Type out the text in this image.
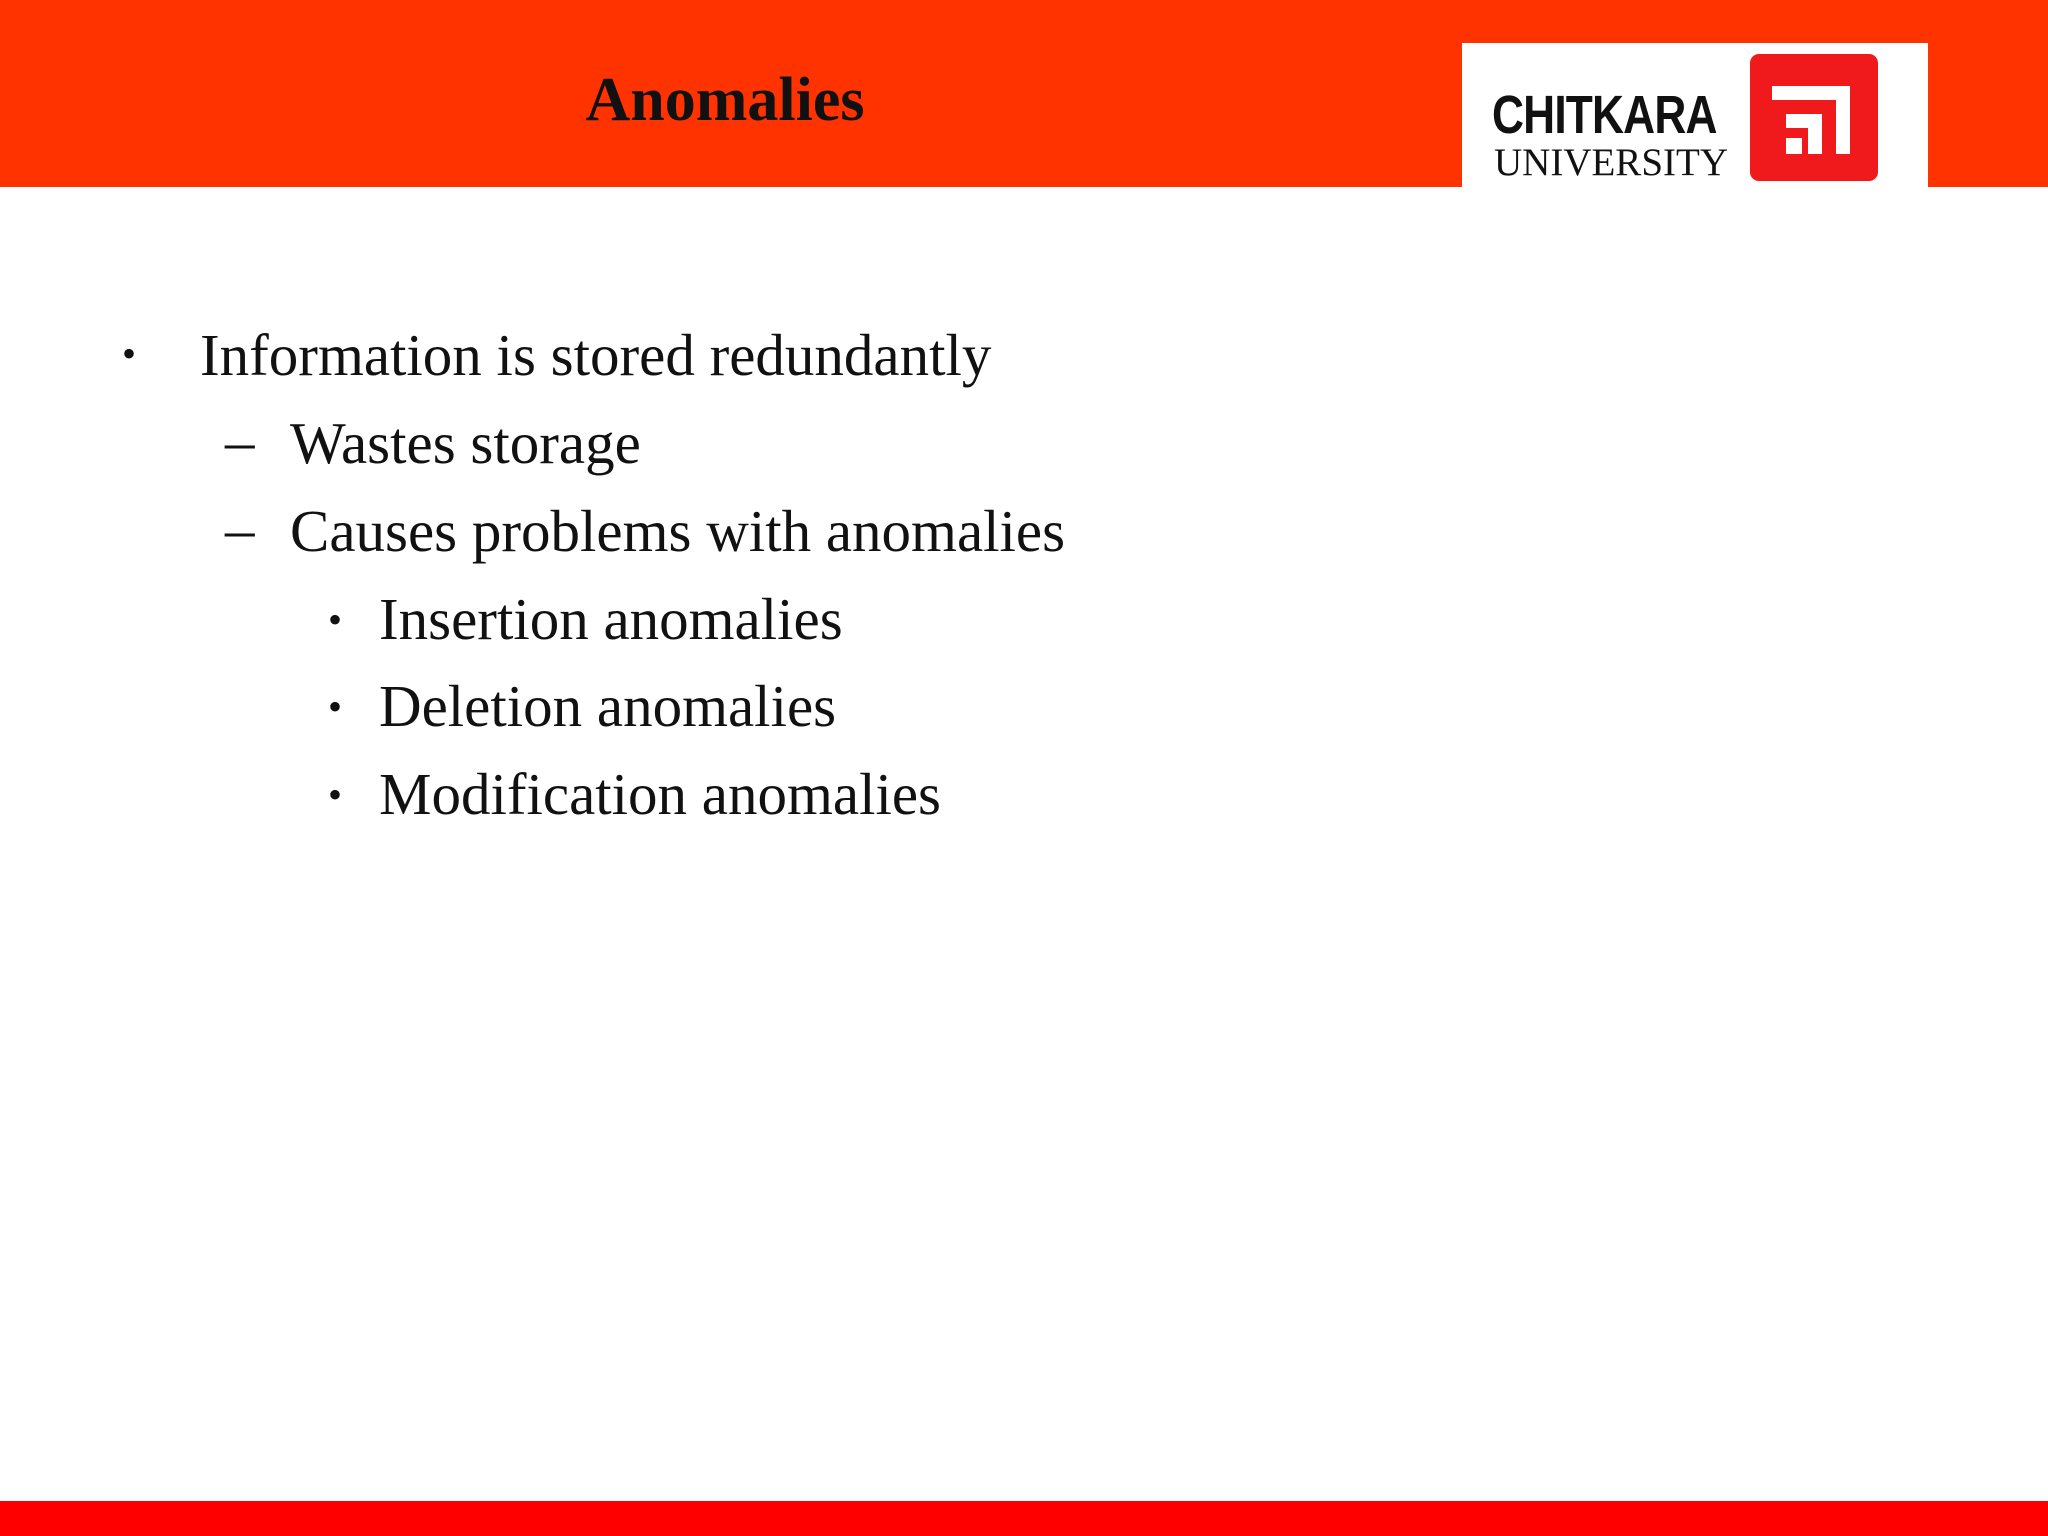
Anomalies	CHITKARA
UNIVERSITY
• Information is stored redundantly
– Wastes storage
– Causes problems with anomalies
• Insertion anomalies
• Deletion anomalies
• Modification anomalies
